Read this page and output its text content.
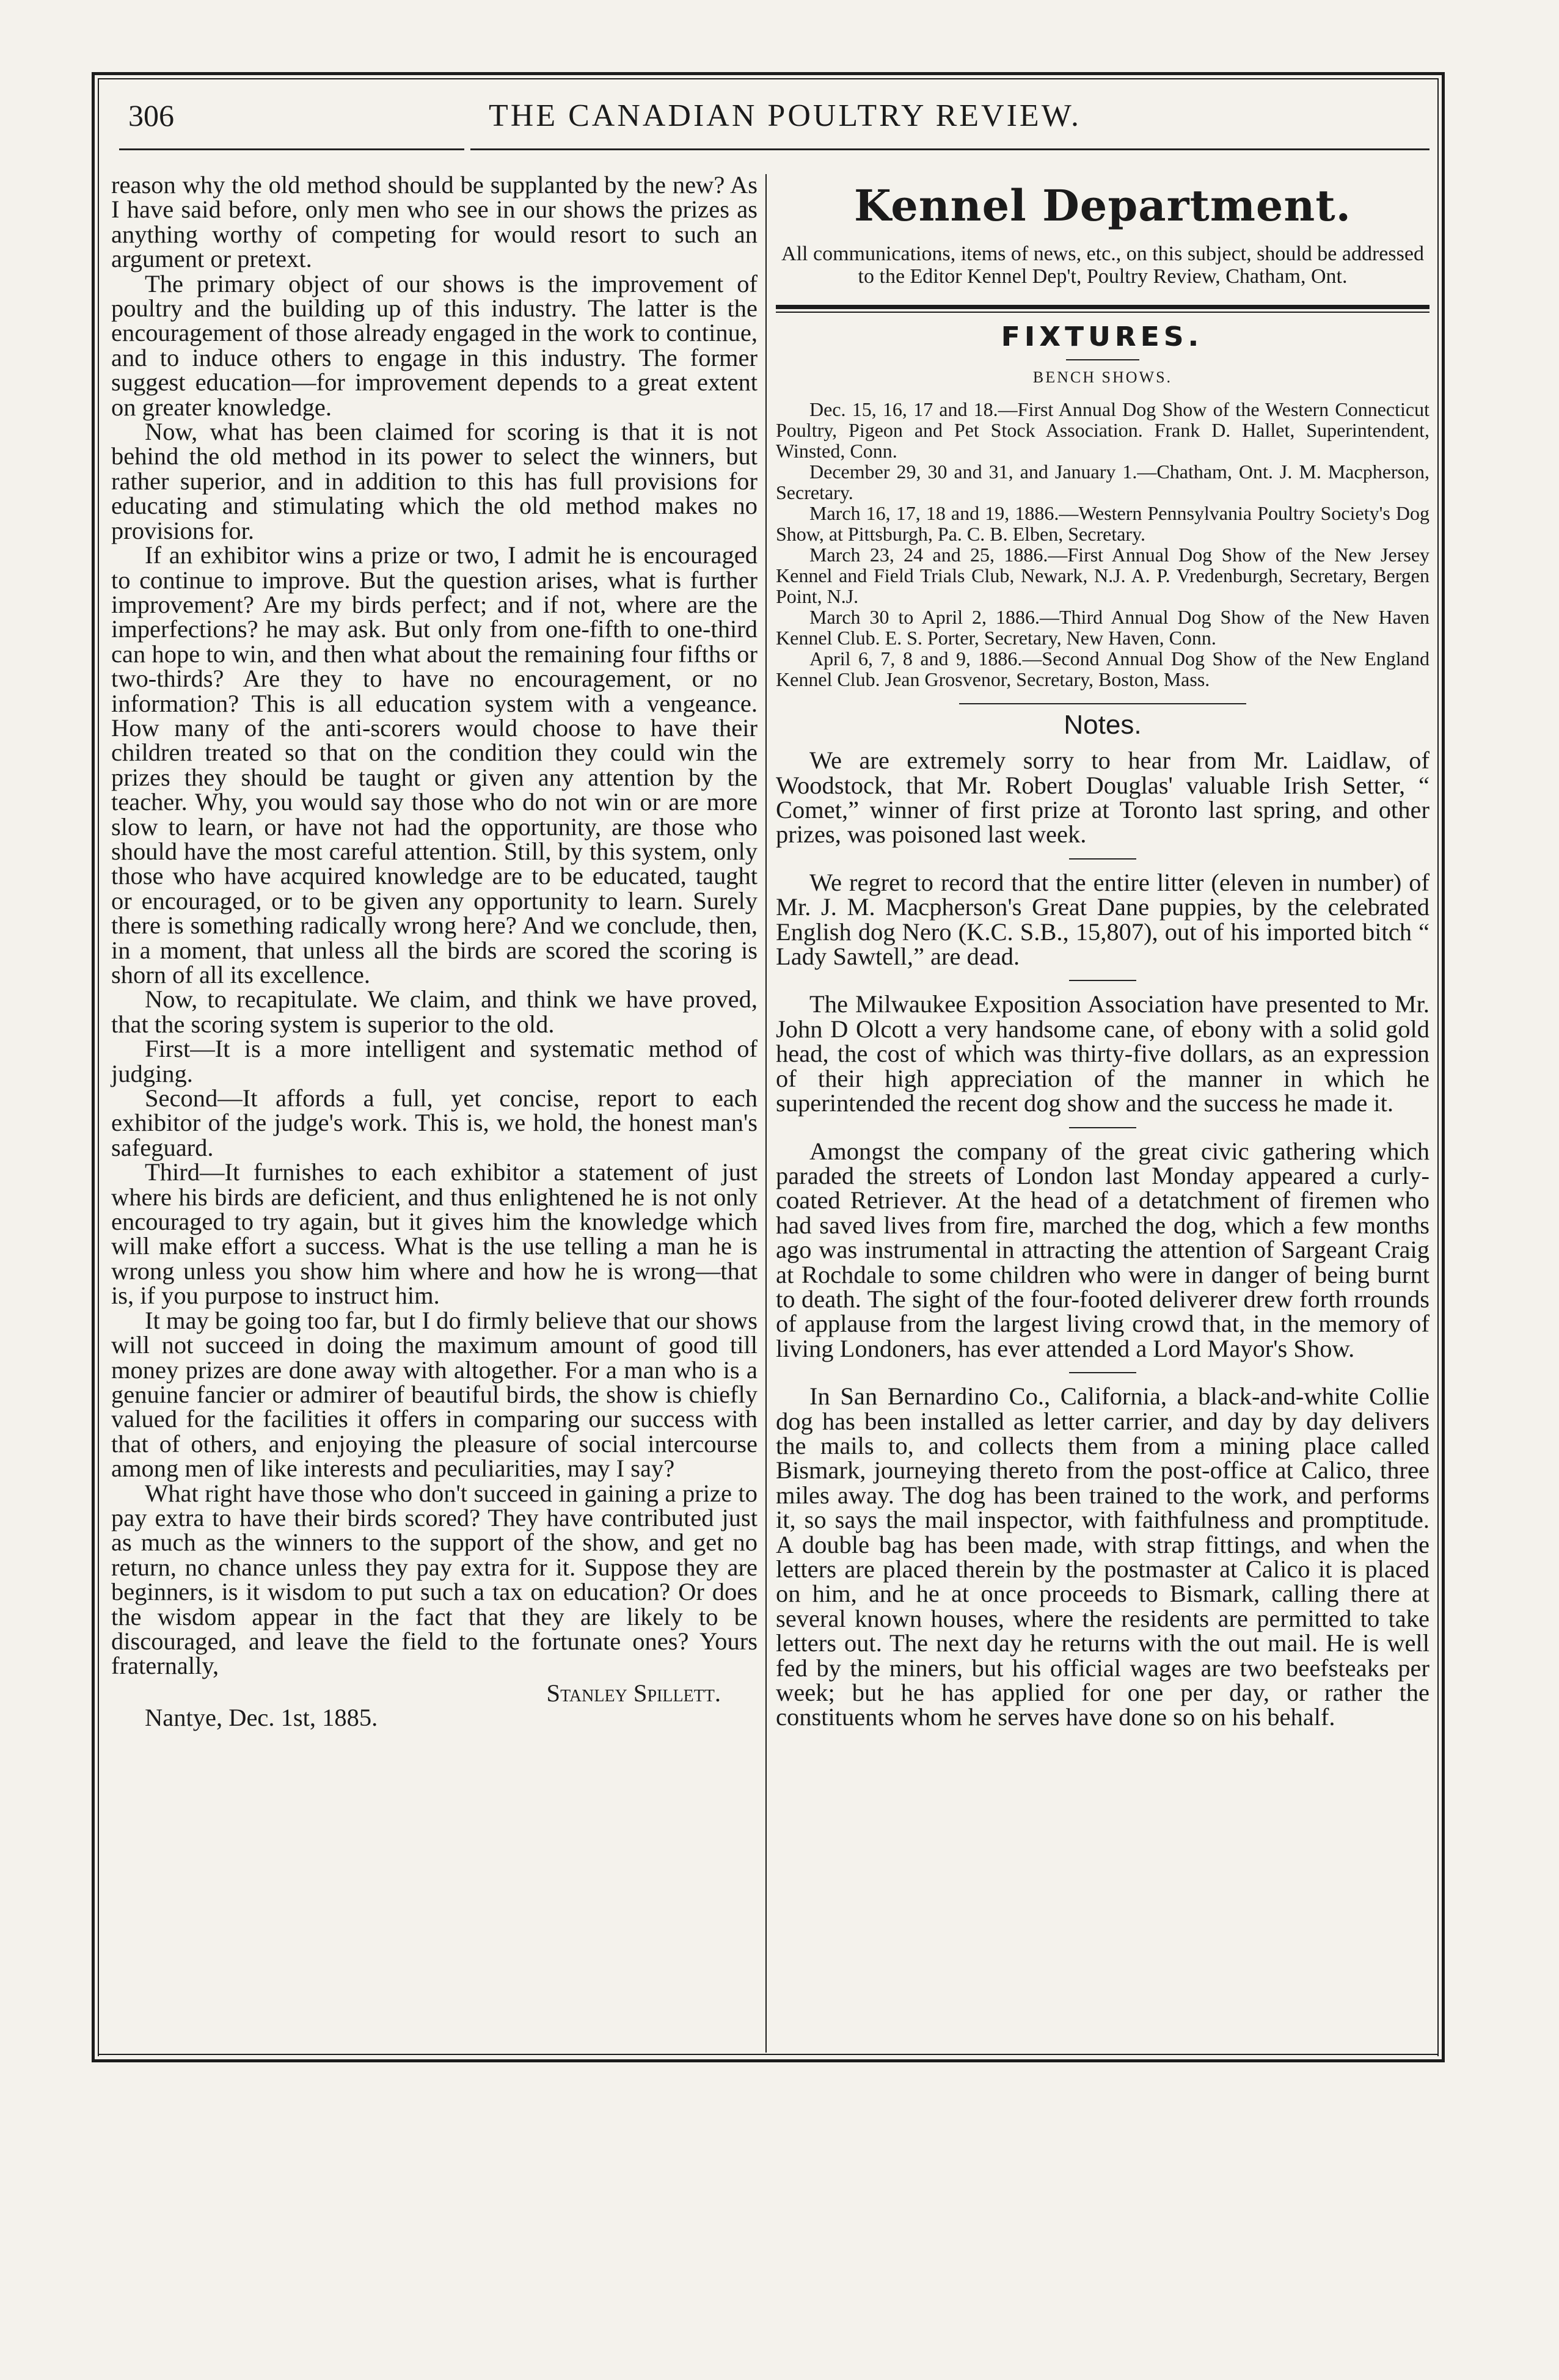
306	THE CANADIAN POULTRY REVIEW.

reason why the old method should be supplanted by the new? As I have said before, only men who see in our shows the prizes as anything worthy of competing for would resort to such an argument or pretext.

The primary object of our shows is the improvement of poultry and the building up of this industry. The latter is the encouragement of those already engaged in the work to continue, and to induce others to engage in this industry. The former suggest education—for improvement depends to a great extent on greater knowledge.

Now, what has been claimed for scoring is that it is not behind the old method in its power to select the winners, but rather superior, and in addition to this has full provisions for educating and stimulating which the old method makes no provisions for.

If an exhibitor wins a prize or two, I admit he is encouraged to continue to improve. But the question arises, what is further improvement? Are my birds perfect; and if not, where are the imperfections? he may ask. But only from one-fifth to one-third can hope to win, and then what about the remaining four fifths or two-thirds? Are they to have no encouragement, or no information? This is all education system with a vengeance. How many of the anti-scorers would choose to have their children treated so that on the condition they could win the prizes they should be taught or given any attention by the teacher. Why, you would say those who do not win or are more slow to learn, or have not had the opportunity, are those who should have the most careful attention. Still, by this system, only those who have acquired knowledge are to be educated, taught or encouraged, or to be given any opportunity to learn. Surely there is something radically wrong here? And we conclude, then, in a moment, that unless all the birds are scored the scoring is shorn of all its excellence.

Now, to recapitulate. We claim, and think we have proved, that the scoring system is superior to the old.

First—It is a more intelligent and systematic method of judging.

Second—It affords a full, yet concise, report to each exhibitor of the judge's work. This is, we hold, the honest man's safeguard.

Third—It furnishes to each exhibitor a statement of just where his birds are deficient, and thus enlightened he is not only encouraged to try again, but it gives him the knowledge which will make effort a success. What is the use telling a man he is wrong unless you show him where and how he is wrong—that is, if you purpose to instruct him.

It may be going too far, but I do firmly believe that our shows will not succeed in doing the maximum amount of good till money prizes are done away with altogether. For a man who is a genuine fancier or admirer of beautiful birds, the show is chiefly valued for the facilities it offers in comparing our success with that of others, and enjoying the pleasure of social intercourse among men of like interests and peculiarities, may I say?

What right have those who don't succeed in gaining a prize to pay extra to have their birds scored? They have contributed just as much as the winners to the support of the show, and get no return, no chance unless they pay extra for it. Suppose they are beginners, is it wisdom to put such a tax on education? Or does the wisdom appear in the fact that they are likely to be discouraged, and leave the field to the fortunate ones? Yours fraternally,

Stanley Spillett.

Nantye, Dec. 1st, 1885.

Kennel Department.
All communications, items of news, etc., on this subject, should be addressed to the Editor Kennel Dep't, Poultry Review, Chatham, Ont.
FIXTURES.
BENCH SHOWS.

Dec. 15, 16, 17 and 18.—First Annual Dog Show of the Western Connecticut Poultry, Pigeon and Pet Stock Association. Frank D. Hallet, Superintendent, Winsted, Conn.

December 29, 30 and 31, and January 1.—Chatham, Ont. J. M. Macpherson, Secretary.

March 16, 17, 18 and 19, 1886.—Western Pennsylvania Poultry Society's Dog Show, at Pittsburgh, Pa. C. B. Elben, Secretary.

March 23, 24 and 25, 1886.—First Annual Dog Show of the New Jersey Kennel and Field Trials Club, Newark, N.J. A. P. Vredenburgh, Secretary, Bergen Point, N.J.

March 30 to April 2, 1886.—Third Annual Dog Show of the New Haven Kennel Club. E. S. Porter, Secretary, New Haven, Conn.

April 6, 7, 8 and 9, 1886.—Second Annual Dog Show of the New England Kennel Club. Jean Grosvenor, Secretary, Boston, Mass.

Notes.

We are extremely sorry to hear from Mr. Laidlaw, of Woodstock, that Mr. Robert Douglas' valuable Irish Setter, “ Comet,” winner of first prize at Toronto last spring, and other prizes, was poisoned last week.

We regret to record that the entire litter (eleven in number) of Mr. J. M. Macpherson's Great Dane puppies, by the celebrated English dog Nero (K.C. S.B., 15,807), out of his imported bitch “ Lady Sawtell,” are dead.

The Milwaukee Exposition Association have presented to Mr. John D Olcott a very handsome cane, of ebony with a solid gold head, the cost of which was thirty-five dollars, as an expression of their high appreciation of the manner in which he superintended the recent dog show and the success he made it.

Amongst the company of the great civic gathering which paraded the streets of London last Monday appeared a curly-coated Retriever. At the head of a detatchment of firemen who had saved lives from fire, marched the dog, which a few months ago was instrumental in attracting the attention of Sargeant Craig at Rochdale to some children who were in danger of being burnt to death. The sight of the four-footed deliverer drew forth rrounds of applause from the largest living crowd that, in the memory of living Londoners, has ever attended a Lord Mayor's Show.

In San Bernardino Co., California, a black-and-white Collie dog has been installed as letter carrier, and day by day delivers the mails to, and collects them from a mining place called Bismark, journeying thereto from the post-office at Calico, three miles away. The dog has been trained to the work, and performs it, so says the mail inspector, with faithfulness and promptitude. A double bag has been made, with strap fittings, and when the letters are placed therein by the postmaster at Calico it is placed on him, and he at once proceeds to Bismark, calling there at several known houses, where the residents are permitted to take letters out. The next day he returns with the out mail. He is well fed by the miners, but his official wages are two beefsteaks per week; but he has applied for one per day, or rather the constituents whom he serves have done so on his behalf.
